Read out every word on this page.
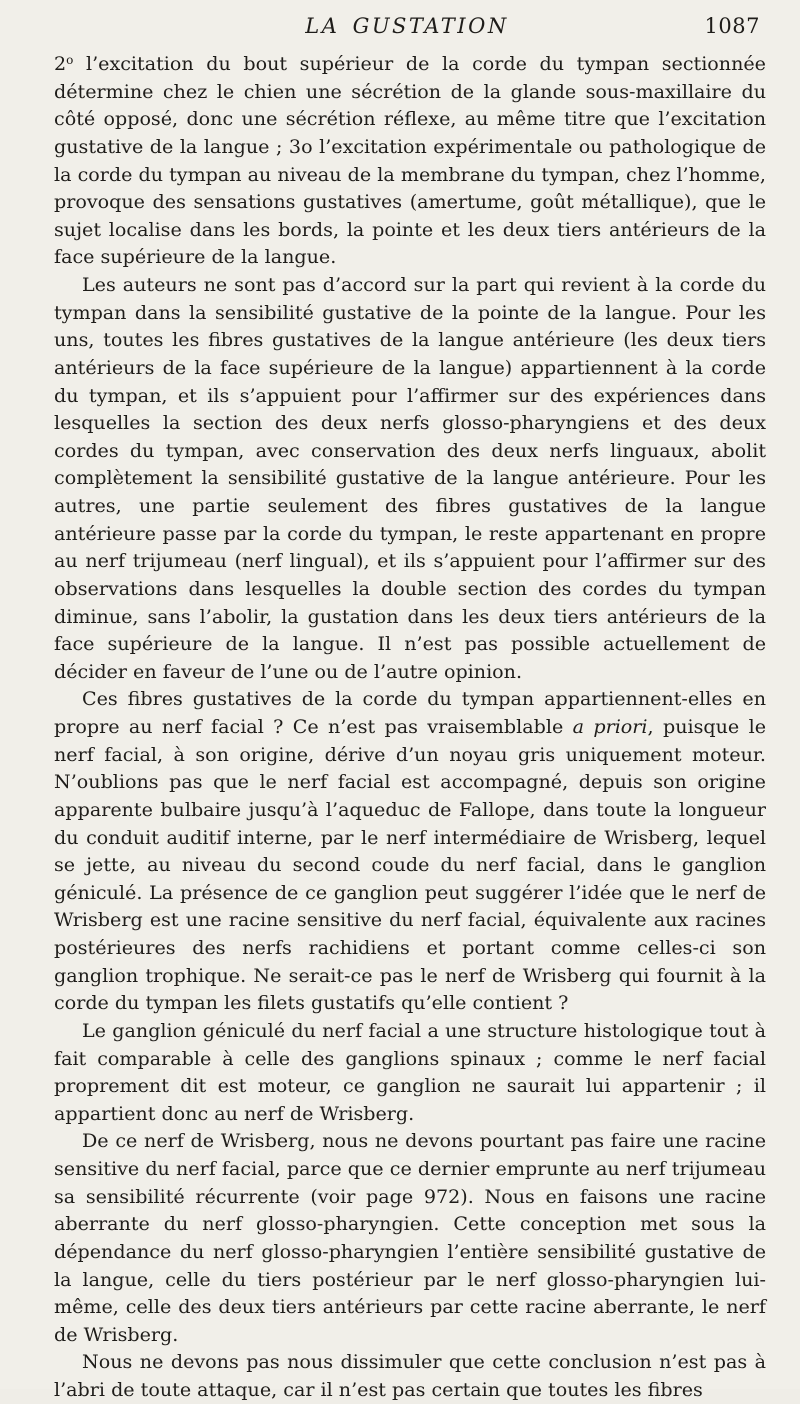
LA GUSTATION	1087

2$^o$ l’excitation du bout supérieur de la corde du tympan sectionnée détermine chez le chien une sécrétion de la glande sous-maxillaire du côté opposé, donc une sécrétion réflexe, au même titre que l’excitation gustative de la langue ; 3o l’excitation expérimentale ou pathologique de la corde du tympan au niveau de la membrane du tympan, chez l’homme, provoque des sensations gustatives (amertume, goût métallique), que le sujet localise dans les bords, la pointe et les deux tiers antérieurs de la face supérieure de la langue.

Les auteurs ne sont pas d’accord sur la part qui revient à la corde du tympan dans la sensibilité gustative de la pointe de la langue. Pour les uns, toutes les fibres gustatives de la langue antérieure (les deux tiers antérieurs de la face supérieure de la langue) appartiennent à la corde du tympan, et ils s’appuient pour l’affirmer sur des expériences dans lesquelles la section des deux nerfs glosso-pharyngiens et des deux cordes du tympan, avec conservation des deux nerfs linguaux, abolit complètement la sensibilité gustative de la langue antérieure. Pour les autres, une partie seulement des fibres gustatives de la langue antérieure passe par la corde du tympan, le reste appartenant en propre au nerf trijumeau (nerf lingual), et ils s’appuient pour l’affirmer sur des observations dans lesquelles la double section des cordes du tympan diminue, sans l’abolir, la gustation dans les deux tiers antérieurs de la face supérieure de la langue. Il n’est pas possible actuellement de décider en faveur de l’une ou de l’autre opinion.

Ces fibres gustatives de la corde du tympan appartiennent-elles en propre au nerf facial ? Ce n’est pas vraisemblable a priori, puisque le nerf facial, à son origine, dérive d’un noyau gris uniquement moteur. N’oublions pas que le nerf facial est accompagné, depuis son origine apparente bulbaire jusqu’à l’aqueduc de Fallope, dans toute la longueur du conduit auditif interne, par le nerf intermédiaire de Wrisberg, lequel se jette, au niveau du second coude du nerf facial, dans le ganglion géniculé. La présence de ce ganglion peut suggérer l’idée que le nerf de Wrisberg est une racine sensitive du nerf facial, équivalente aux racines postérieures des nerfs rachidiens et portant comme celles-ci son ganglion trophique. Ne serait-ce pas le nerf de Wrisberg qui fournit à la corde du tympan les filets gustatifs qu’elle contient ?

Le ganglion géniculé du nerf facial a une structure histologique tout à fait comparable à celle des ganglions spinaux ; comme le nerf facial proprement dit est moteur, ce ganglion ne saurait lui appartenir ; il appartient donc au nerf de Wrisberg.

De ce nerf de Wrisberg, nous ne devons pourtant pas faire une racine sensitive du nerf facial, parce que ce dernier emprunte au nerf trijumeau sa sensibilité récurrente (voir page 972). Nous en faisons une racine aberrante du nerf glosso-pharyngien. Cette conception met sous la dépendance du nerf glosso-pharyngien l’entière sensibilité gustative de la langue, celle du tiers postérieur par le nerf glosso-pharyngien lui-même, celle des deux tiers antérieurs par cette racine aberrante, le nerf de Wrisberg.

Nous ne devons pas nous dissimuler que cette conclusion n’est pas à l’abri de toute attaque, car il n’est pas certain que toutes les fibres
